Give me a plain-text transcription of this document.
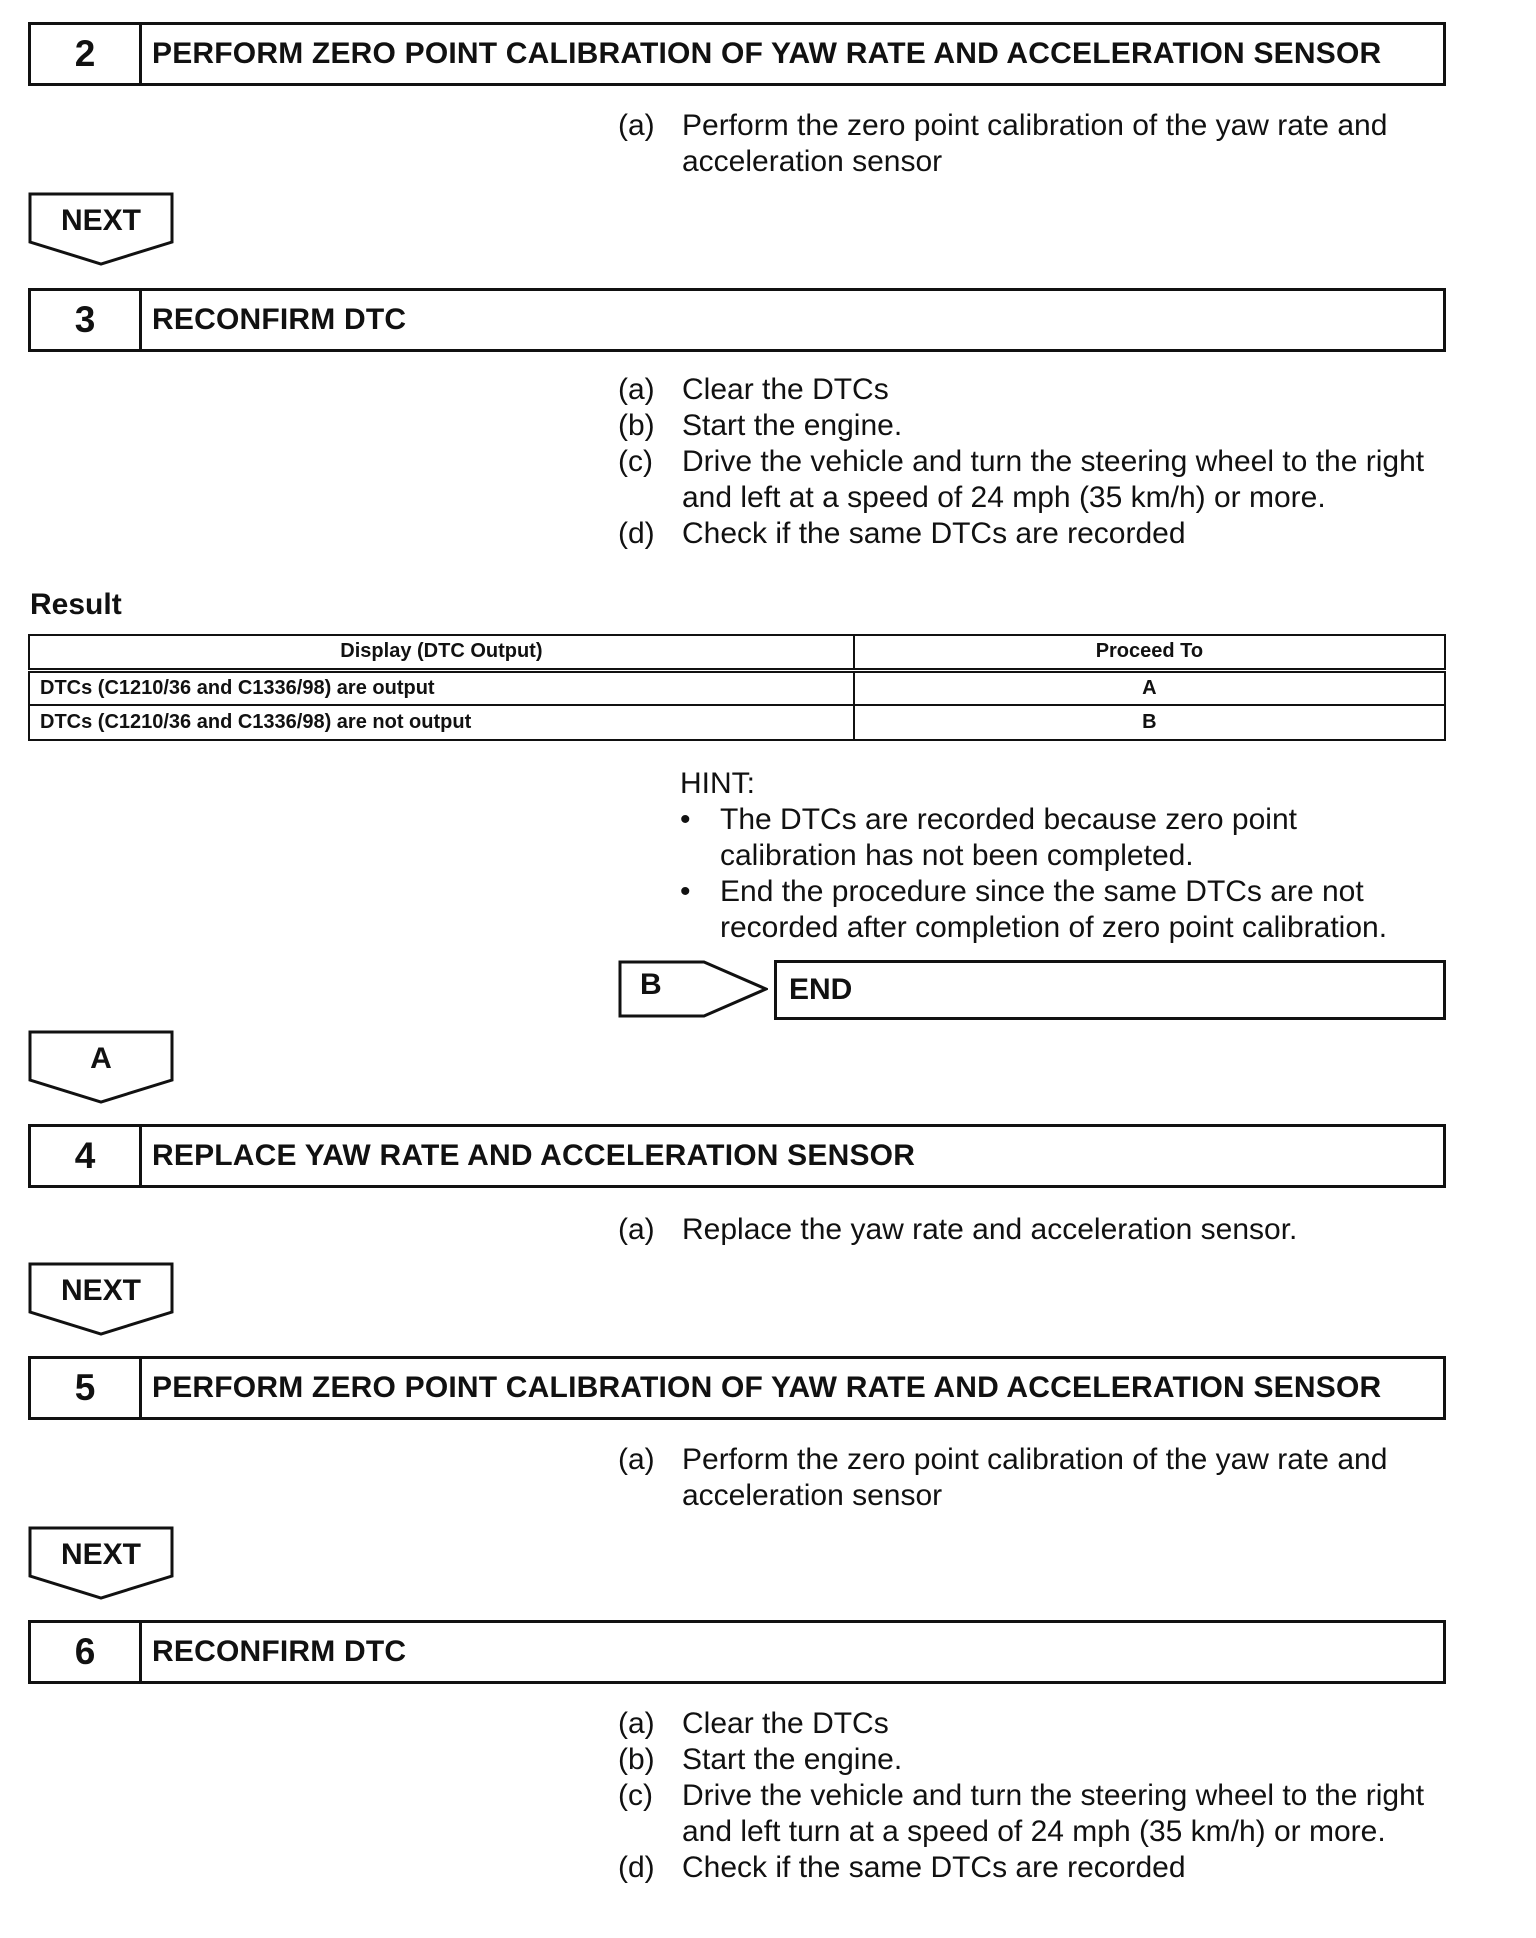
2	PERFORM ZERO POINT CALIBRATION OF YAW RATE AND ACCELERATION SENSOR
(a) Perform the zero point calibration of the yaw rate and acceleration sensor
NEXT
3	RECONFIRM DTC
(a) Clear the DTCs
(b) Start the engine.
(c) Drive the vehicle and turn the steering wheel to the right and left at a speed of 24 mph (35 km/h) or more.
(d) Check if the same DTCs are recorded
Result
Display (DTC Output)	Proceed To
DTCs (C1210/36 and C1336/98) are output	A
DTCs (C1210/36 and C1336/98) are not output	B
HINT:
• The DTCs are recorded because zero point calibration has not been completed.
• End the procedure since the same DTCs are not recorded after completion of zero point calibration.
B	END
A
4	REPLACE YAW RATE AND ACCELERATION SENSOR
(a) Replace the yaw rate and acceleration sensor.
NEXT
5	PERFORM ZERO POINT CALIBRATION OF YAW RATE AND ACCELERATION SENSOR
(a) Perform the zero point calibration of the yaw rate and acceleration sensor
NEXT
6	RECONFIRM DTC
(a) Clear the DTCs
(b) Start the engine.
(c) Drive the vehicle and turn the steering wheel to the right and left turn at a speed of 24 mph (35 km/h) or more.
(d) Check if the same DTCs are recorded
